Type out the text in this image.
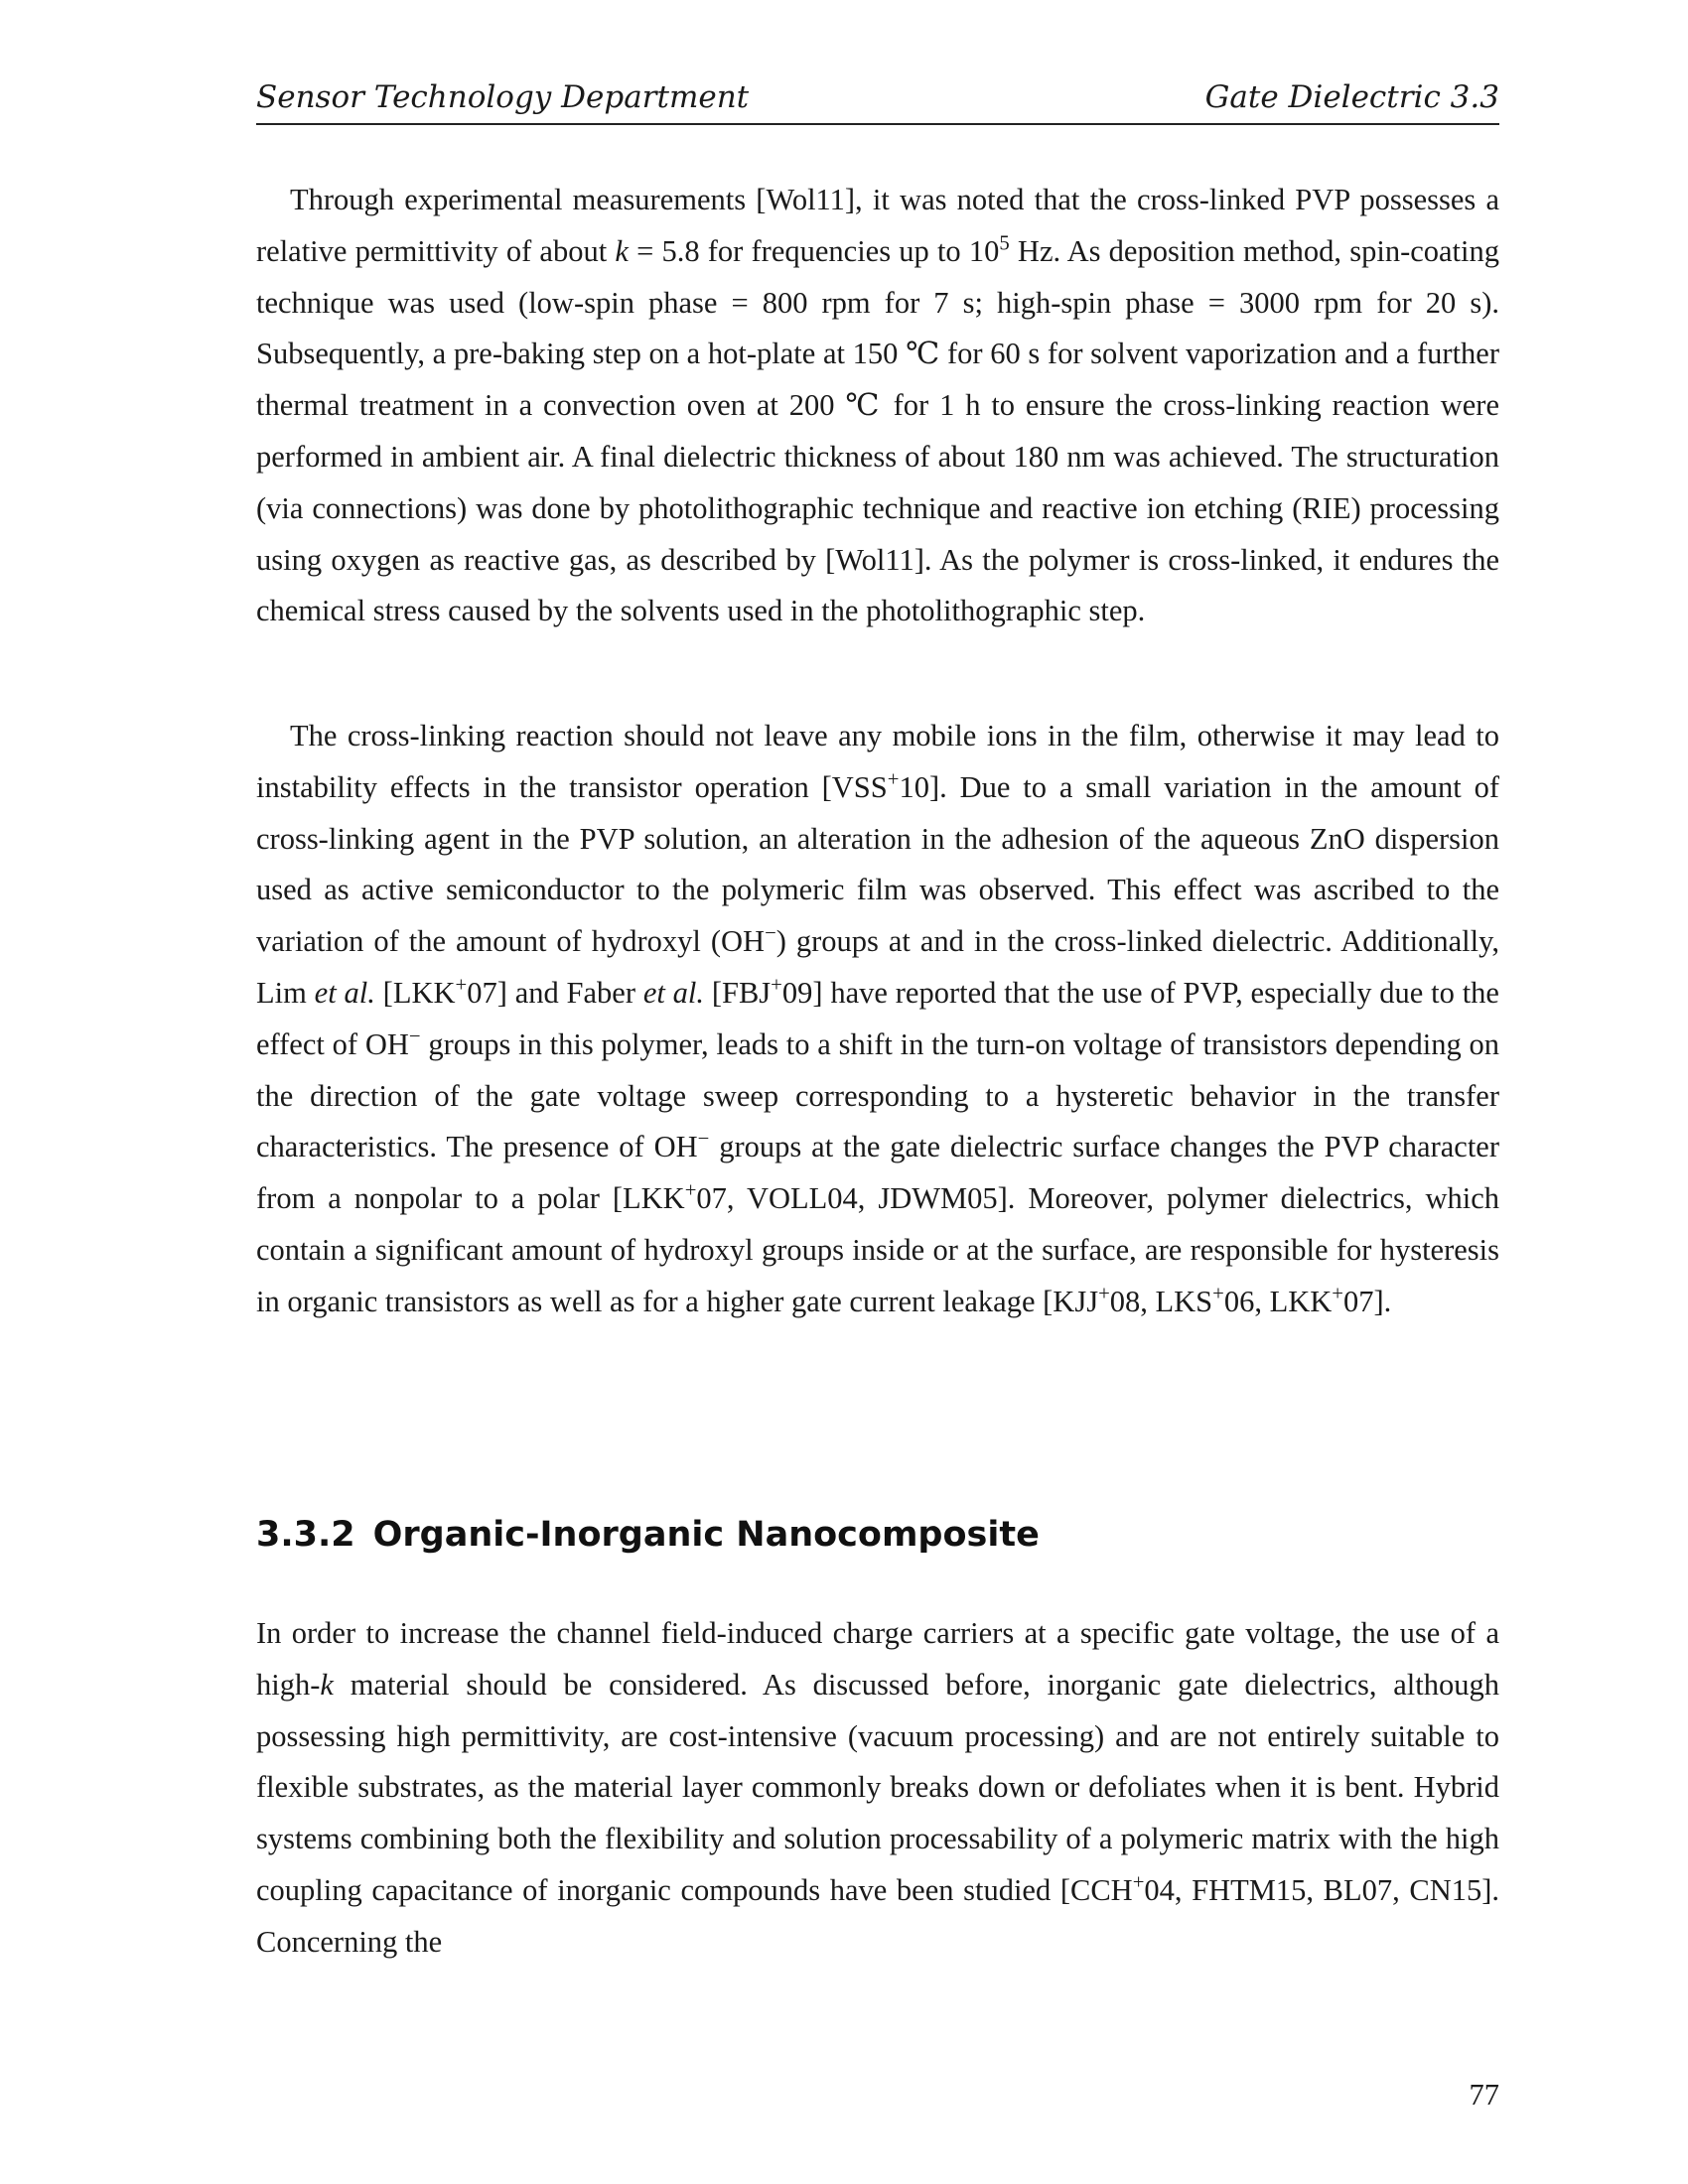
Sensor Technology Department	Gate Dielectric 3.3

Through experimental measurements [Wol11], it was noted that the cross-linked PVP possesses a relative permittivity of about k = 5.8 for frequencies up to $10^5$ Hz. As deposition method, spin-coating technique was used (low-spin phase = 800 rpm for 7 s; high-spin phase = 3000 rpm for 20 s). Subsequently, a pre-baking step on a hot-plate at 150 ℃ for 60 s for solvent vaporization and a further thermal treatment in a convection oven at 200 ℃ for 1 h to ensure the cross-linking reaction were performed in ambient air. A final dielectric thickness of about 180 nm was achieved. The structuration (via connections) was done by photolithographic technique and reactive ion etching (RIE) processing using oxygen as reactive gas, as described by [Wol11]. As the polymer is cross-linked, it endures the chemical stress caused by the solvents used in the photolithographic step.

The cross-linking reaction should not leave any mobile ions in the film, otherwise it may lead to instability effects in the transistor operation [VSS+10]. Due to a small variation in the amount of cross-linking agent in the PVP solution, an alteration in the adhesion of the aqueous ZnO dispersion used as active semiconductor to the polymeric film was observed. This effect was ascribed to the variation of the amount of hydroxyl (OH−) groups at and in the cross-linked dielectric. Additionally, Lim et al. [LKK+07] and Faber et al. [FBJ+09] have reported that the use of PVP, especially due to the effect of OH− groups in this polymer, leads to a shift in the turn-on voltage of transistors depending on the direction of the gate voltage sweep corresponding to a hysteretic behavior in the transfer characteristics. The presence of OH− groups at the gate dielectric surface changes the PVP character from a nonpolar to a polar [LKK+07, VOLL04, JDWM05]. Moreover, polymer dielectrics, which contain a significant amount of hydroxyl groups inside or at the surface, are responsible for hysteresis in organic transistors as well as for a higher gate current leakage [KJJ+08, LKS+06, LKK+07].

3.3.2 Organic-Inorganic Nanocomposite

In order to increase the channel field-induced charge carriers at a specific gate voltage, the use of a high-k material should be considered. As discussed before, inorganic gate dielectrics, although possessing high permittivity, are cost-intensive (vacuum processing) and are not entirely suitable to flexible substrates, as the material layer commonly breaks down or defoliates when it is bent. Hybrid systems combining both the flexibility and solution processability of a polymeric matrix with the high coupling capacitance of inorganic compounds have been studied [CCH+04, FHTM15, BL07, CN15]. Concerning the

77
